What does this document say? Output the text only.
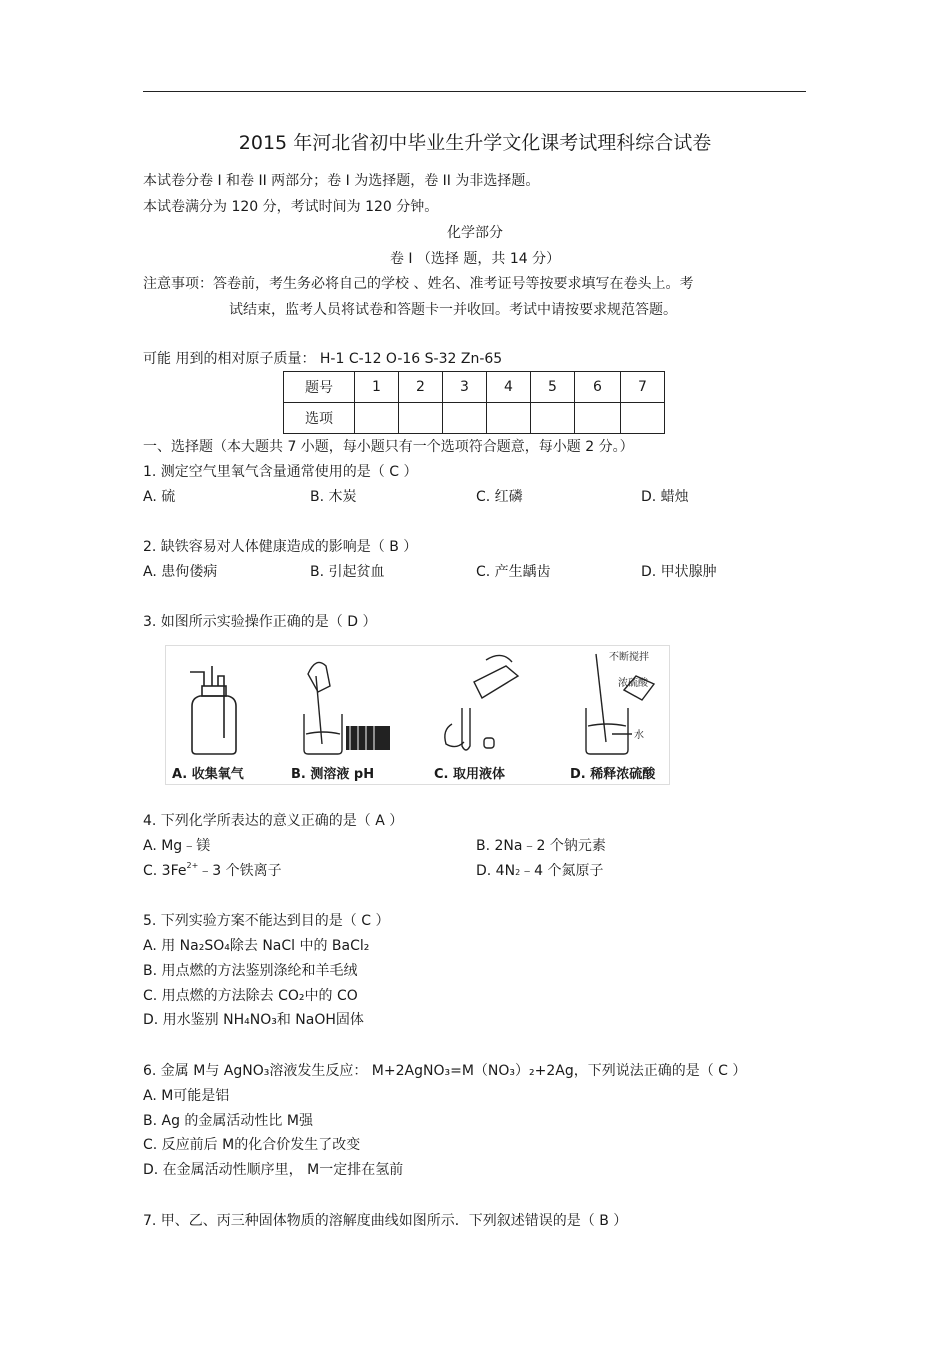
2015 年河北省初中毕业生升学文化课考试理科综合试卷
本试卷分卷 I 和卷 II 两部分；卷 I 为选择题，卷 II 为非选择题。
本试卷满分为 120 分，考试时间为 120 分钟。
化学部分
卷 I （选择 题，共 14 分）
注意事项：答卷前，考生务必将自己的学校 、姓名、准考证号等按要求填写在卷头上。考
试结束，监考人员将试卷和答题卡一并收回。考试中请按要求规范答题。
可能 用到的相对原子质量： H-1 C-12 O-16 S-32 Zn-65
题号	1	2	3	4	5	6	7
选项							
一、选择题（本大题共 7 小题，每小题只有一个选项符合题意，每小题 2 分。）
1. 测定空气里氧气含量通常使用的是（ C ）
A. 硫	B. 木炭	C. 红磷	D. 蜡烛
2. 缺铁容易对人体健康造成的影响是（ B ）
A. 患佝偻病	B. 引起贫血	C. 产生龋齿	D. 甲状腺肿
3. 如图所示实验操作正确的是（ D ）
不断搅拌
浓硫酸
水
A. 收集氧气	B. 测溶液 pH	C. 取用液体	D. 稀释浓硫酸
4. 下列化学所表达的意义正确的是（ A ）
A. Mg﹣镁	B. 2Na﹣2 个钠元素
C. $3Fe^{2+}﹣3$ 个铁离子	D. 4N2﹣4 个氮原子
5. 下列实验方案不能达到目的是（ C ）
A. 用 Na₂SO₄除去 NaCl 中的 BaCl₂
B. 用点燃的方法鉴别涤纶和羊毛绒
C. 用点燃的方法除去 CO₂中的 CO
D. 用水鉴别 NH₄NO₃和 NaOH固体
6. 金属 M与 AgNO₃溶液发生反应： M+2AgNO₃=M（NO₃）₂+2Ag，下列说法正确的是（ C ）
A. M可能是铝
B. Ag 的金属活动性比 M强
C. 反应前后 M的化合价发生了改变
D. 在金属活动性顺序里， M一定排在氢前
7. 甲、乙、丙三种固体物质的溶解度曲线如图所示．下列叙述错误的是（ B ）
